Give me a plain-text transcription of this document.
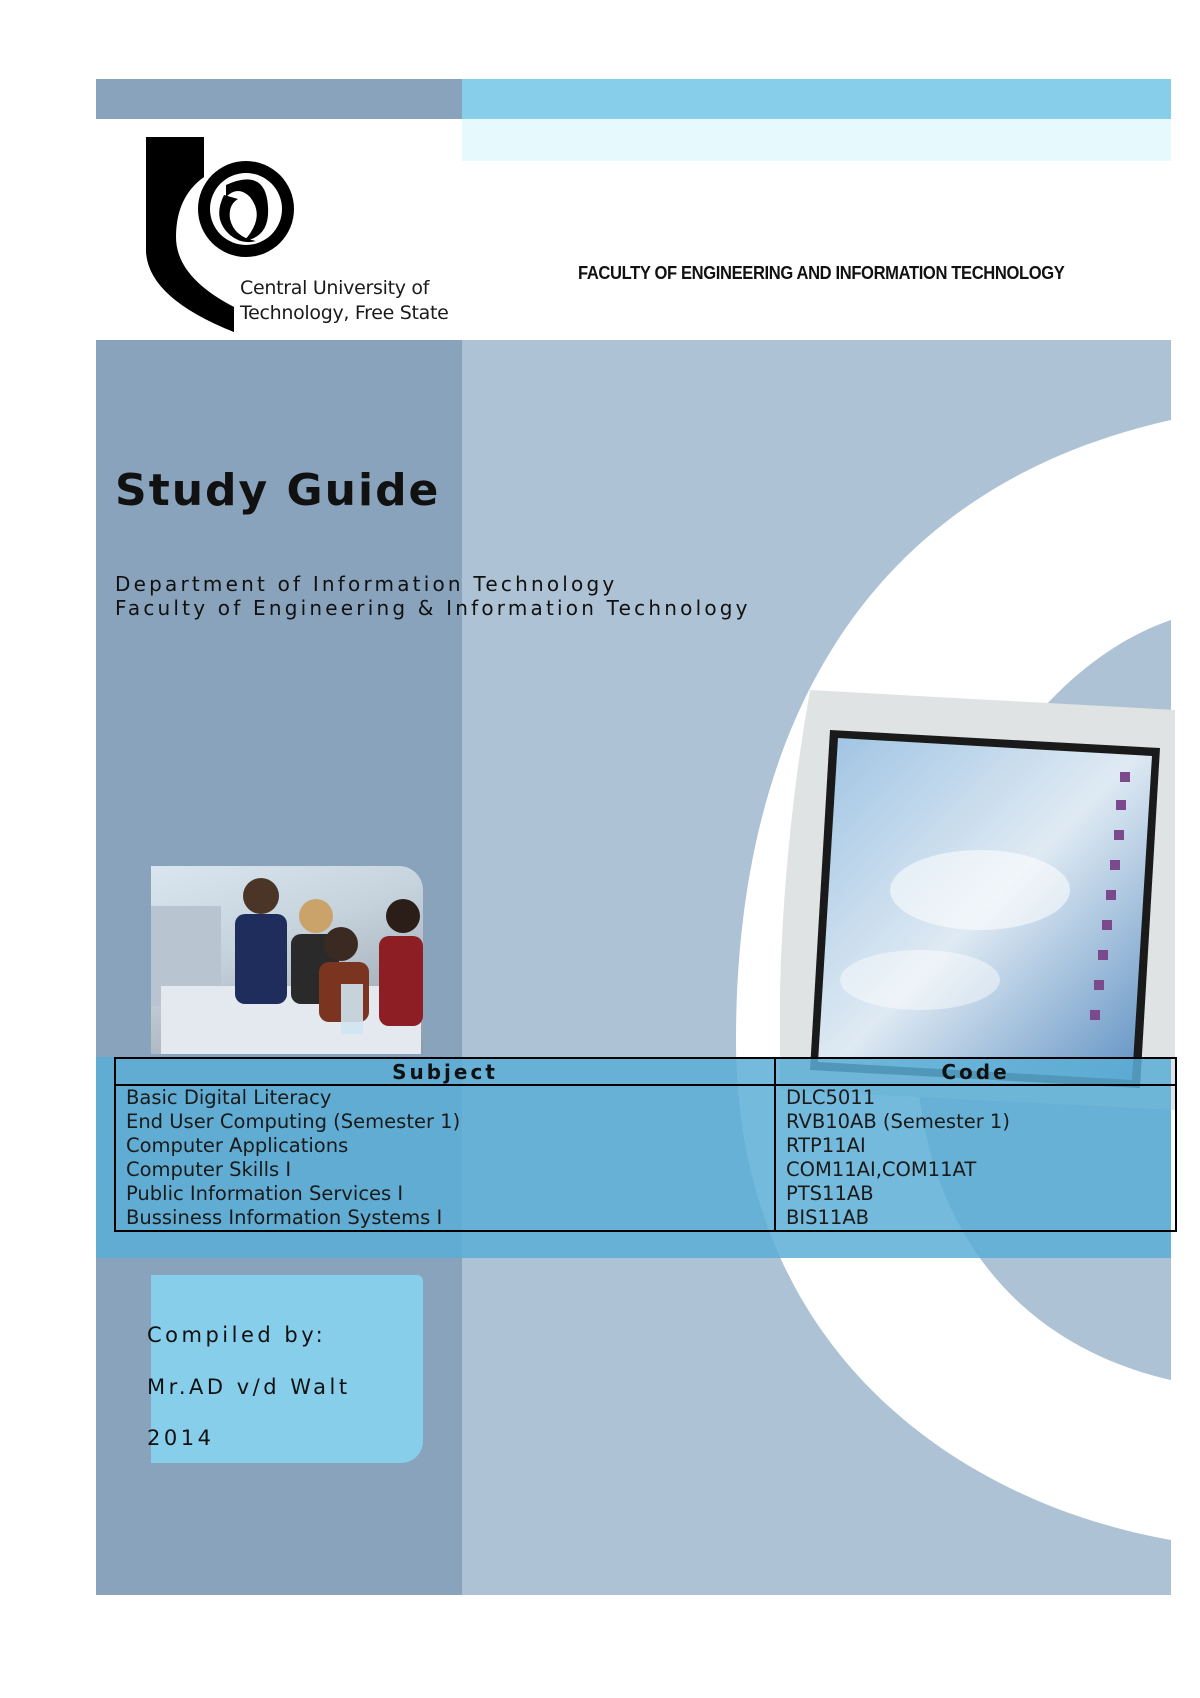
Central University of
Technology, Free State
FACULTY OF ENGINEERING AND INFORMATION TECHNOLOGY
Study Guide
Department of Information Technology
Faculty of Engineering & Information Technology
Subject	Code
Basic Digital Literacy	DLC5011
End User Computing (Semester 1)	RVB10AB (Semester 1)
Computer Applications	RTP11AI
Computer Skills I	COM11AI,COM11AT
Public Information Services I	PTS11AB
Bussiness Information Systems I	BIS11AB
Compiled by:
Mr.AD v/d Walt
2014
